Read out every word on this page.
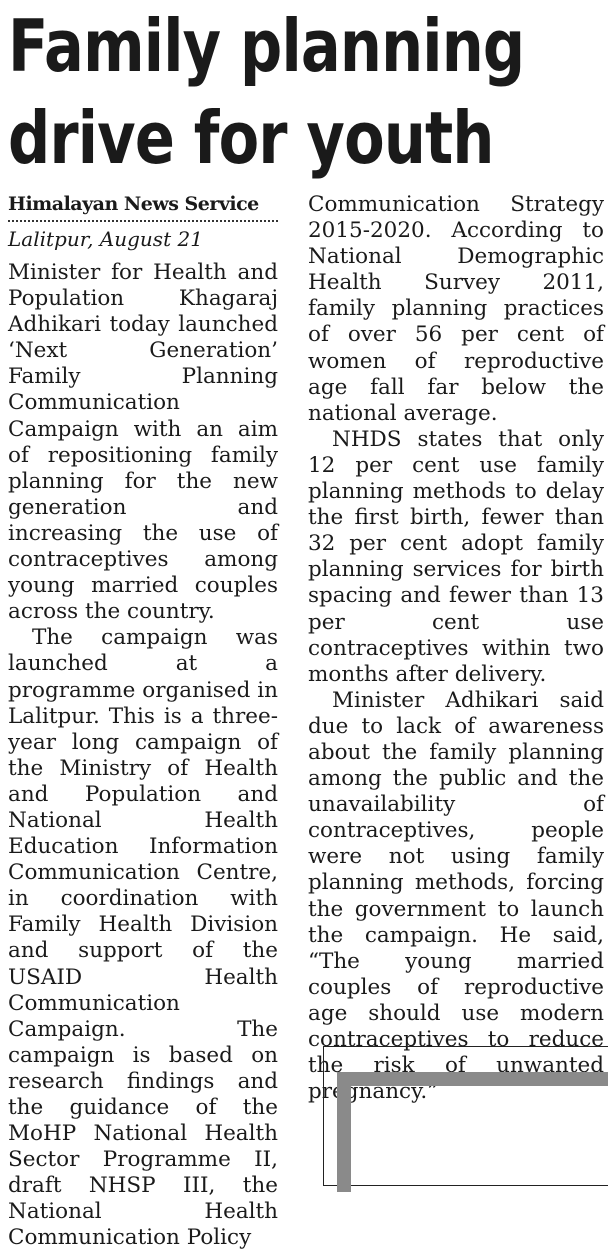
Family planning
drive for youth
Himalayan News Service
Lalitpur, August 21

Minister for Health and Population Khagaraj Adhikari today launched ‘Next Generation’ Family Planning Communication Campaign with an aim of repositioning family planning for the new generation and increasing the use of contraceptives among young married couples across the country.

The campaign was launched at a programme organised in Lalitpur. This is a three-year long campaign of the Ministry of Health and Population and National Health Education Information Communication Centre, in coordination with Family Health Division and support of the USAID Health Communication Campaign. The campaign is based on research findings and the guidance of the MoHP National Health Sector Programme II, draft NHSP III, the National Health Communication Policy

Communication Strategy 2015-2020. According to National Demographic Health Survey 2011, family planning practices of over 56 per cent of women of reproductive age fall far below the national average.

NHDS states that only 12 per cent use family planning methods to delay the first birth, fewer than 32 per cent adopt family planning services for birth spacing and fewer than 13 per cent use contraceptives within two months after delivery.

Minister Adhikari said due to lack of awareness about the family planning among the public and the unavailability of contraceptives, people were not using family planning methods, forcing the government to launch the campaign. He said, “The young married couples of reproductive age should use modern contraceptives to reduce the risk of unwanted pregnancy.”
